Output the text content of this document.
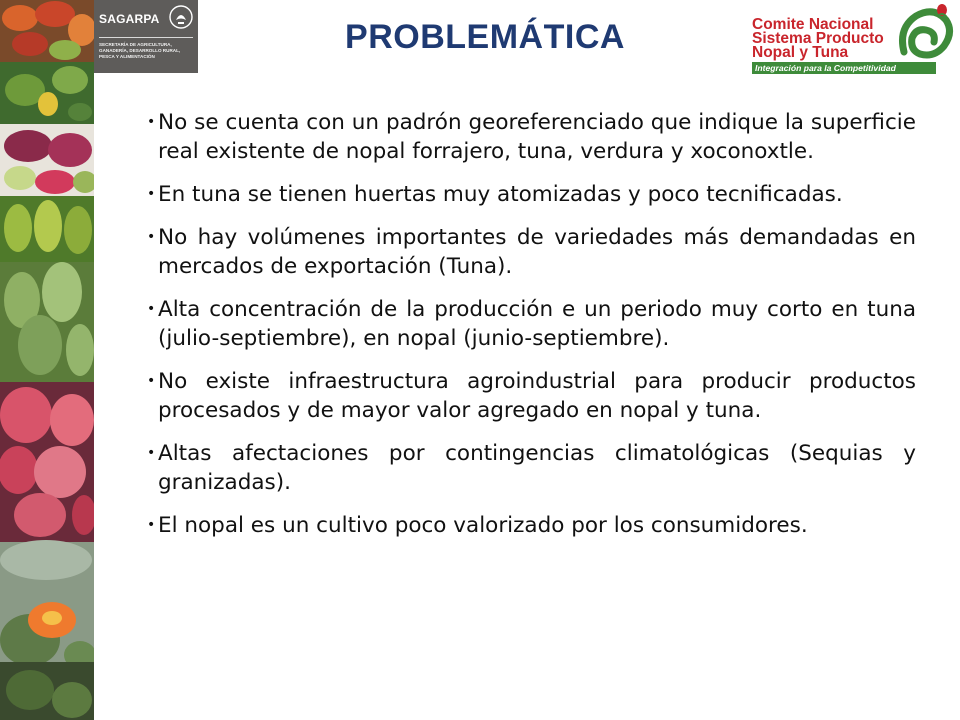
SAGARPA
SECRETARÍA DE AGRICULTURA, GANADERÍA, DESARROLLO RURAL, PESCA Y ALIMENTACIÓN
PROBLEMÁTICA	Comite Nacional
Sistema Producto
Nopal y Tuna
Integración para la Competitividad
• No se cuenta con un padrón georeferenciado que indique la superficie real existente de nopal forrajero, tuna, verdura y xoconoxtle.
• En tuna se tienen huertas muy atomizadas y poco tecnificadas.
• No hay volúmenes importantes de variedades más demandadas en mercados de exportación (Tuna).
• Alta concentración de la producción e un periodo muy corto en tuna (julio-septiembre), en nopal (junio-septiembre).
• No existe infraestructura agroindustrial para producir productos procesados y de mayor valor agregado en nopal y tuna.
• Altas afectaciones por contingencias climatológicas (Sequias y granizadas).
• El nopal es un cultivo poco valorizado por los consumidores.
